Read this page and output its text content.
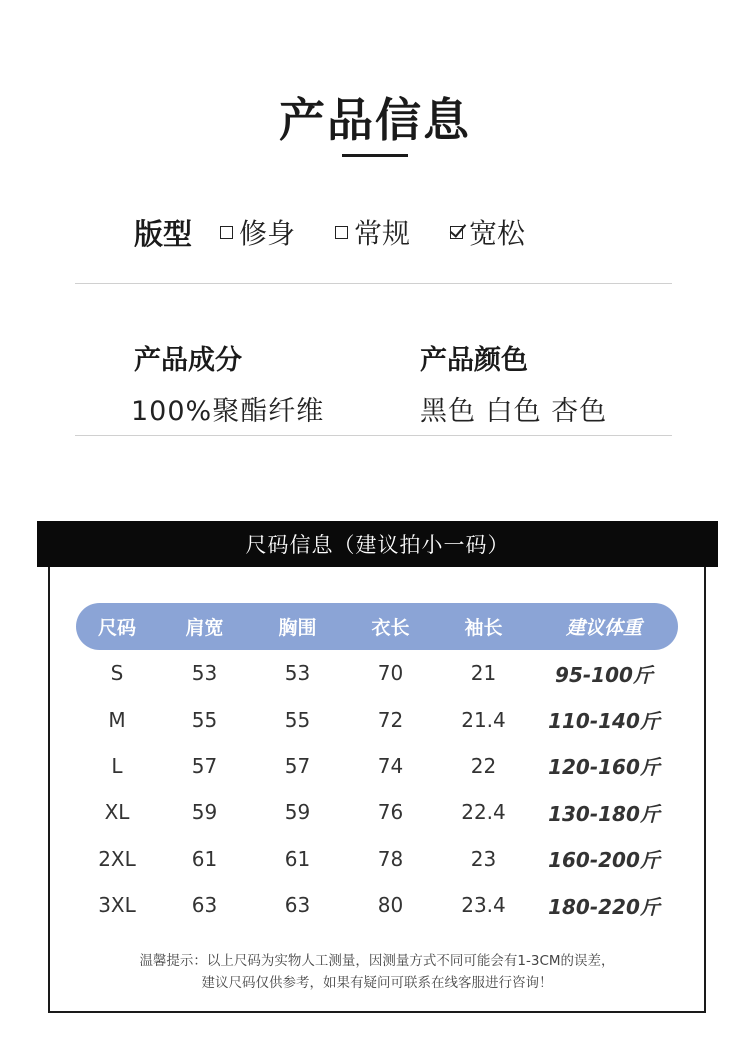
产品信息
版型 修身 常规 宽松
产品成分
100%聚酯纤维
产品颜色
黑色 白色 杏色
尺码信息（建议拍小一码）
尺码	肩宽	胸围	衣长	袖长	建议体重
S	53	53	70	21	95-100斤
M	55	55	72	21.4	110-140斤
L	57	57	74	22	120-160斤
XL	59	59	76	22.4	130-180斤
2XL	61	61	78	23	160-200斤
3XL	63	63	80	23.4	180-220斤
温馨提示：以上尺码为实物人工测量，因测量方式不同可能会有1-3CM的误差，
建议尺码仅供参考，如果有疑问可联系在线客服进行咨询！
